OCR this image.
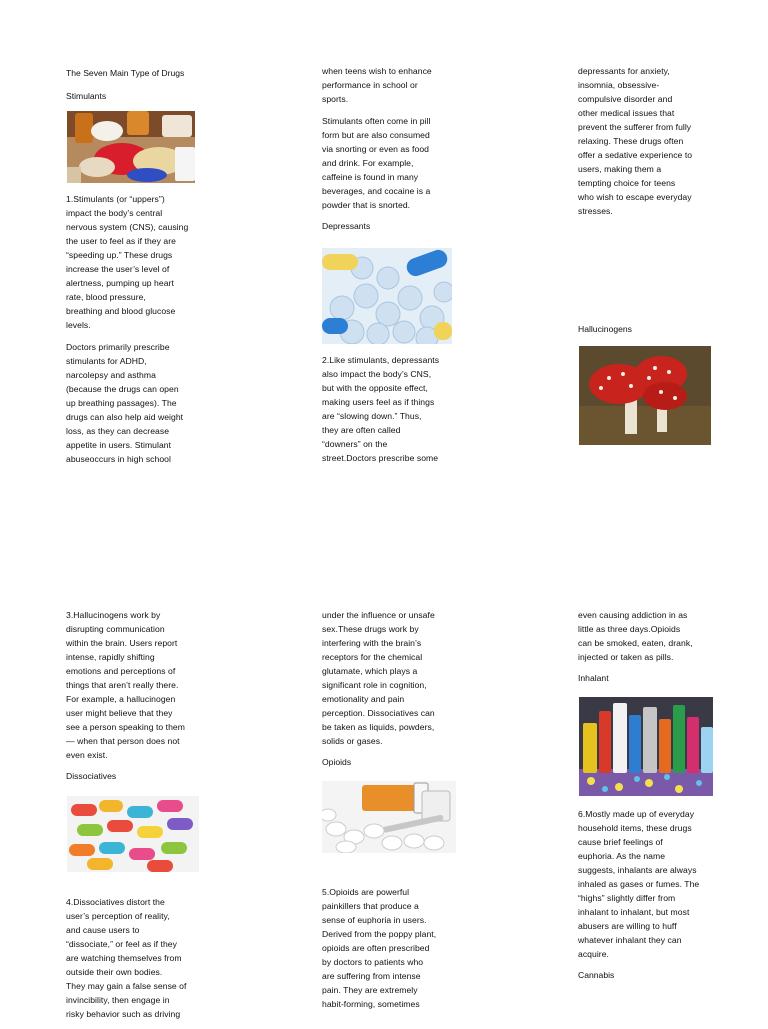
The Seven Main Type of Drugs
Stimulants

1.Stimulants (or “uppers”)
impact the body’s central
nervous system (CNS), causing
the user to feel as if they are
“speeding up.” These drugs
increase the user’s level of
alertness, pumping up heart
rate, blood pressure,
breathing and blood glucose
levels.

Doctors primarily prescribe
stimulants for ADHD,
narcolepsy and asthma
(because the drugs can open
up breathing passages). The
drugs can also help aid weight
loss, as they can decrease
appetite in users. Stimulant
abuseoccurs in high school

when teens wish to enhance
performance in school or
sports.

Stimulants often come in pill
form but are also consumed
via snorting or even as food
and drink. For example,
caffeine is found in many
beverages, and cocaine is a
powder that is snorted.

Depressants

2.Like stimulants, depressants
also impact the body’s CNS,
but with the opposite effect,
making users feel as if things
are “slowing down.” Thus,
they are often called
“downers” on the
street.Doctors prescribe some

depressants for anxiety,
insomnia, obsessive-
compulsive disorder and
other medical issues that
prevent the sufferer from fully
relaxing. These drugs often
offer a sedative experience to
users, making them a
tempting choice for teens
who wish to escape everyday
stresses.

Hallucinogens

3.Hallucinogens work by
disrupting communication
within the brain. Users report
intense, rapidly shifting
emotions and perceptions of
things that aren’t really there.
For example, a hallucinogen
user might believe that they
see a person speaking to them
— when that person does not
even exist.

Dissociatives

4.Dissociatives distort the
user’s perception of reality,
and cause users to
“dissociate,” or feel as if they
are watching themselves from
outside their own bodies.
They may gain a false sense of
invincibility, then engage in
risky behavior such as driving

under the influence or unsafe
sex.These drugs work by
interfering with the brain’s
receptors for the chemical
glutamate, which plays a
significant role in cognition,
emotionality and pain
perception. Dissociatives can
be taken as liquids, powders,
solids or gases.

Opioids

5.Opioids are powerful
painkillers that produce a
sense of euphoria in users.
Derived from the poppy plant,
opioids are often prescribed
by doctors to patients who
are suffering from intense
pain. They are extremely
habit-forming, sometimes

even causing addiction in as
little as three days.Opioids
can be smoked, eaten, drank,
injected or taken as pills.

Inhalant

6.Mostly made up of everyday
household items, these drugs
cause brief feelings of
euphoria. As the name
suggests, inhalants are always
inhaled as gases or fumes. The
“highs” slightly differ from
inhalant to inhalant, but most
abusers are willing to huff
whatever inhalant they can
acquire.

Cannabis
